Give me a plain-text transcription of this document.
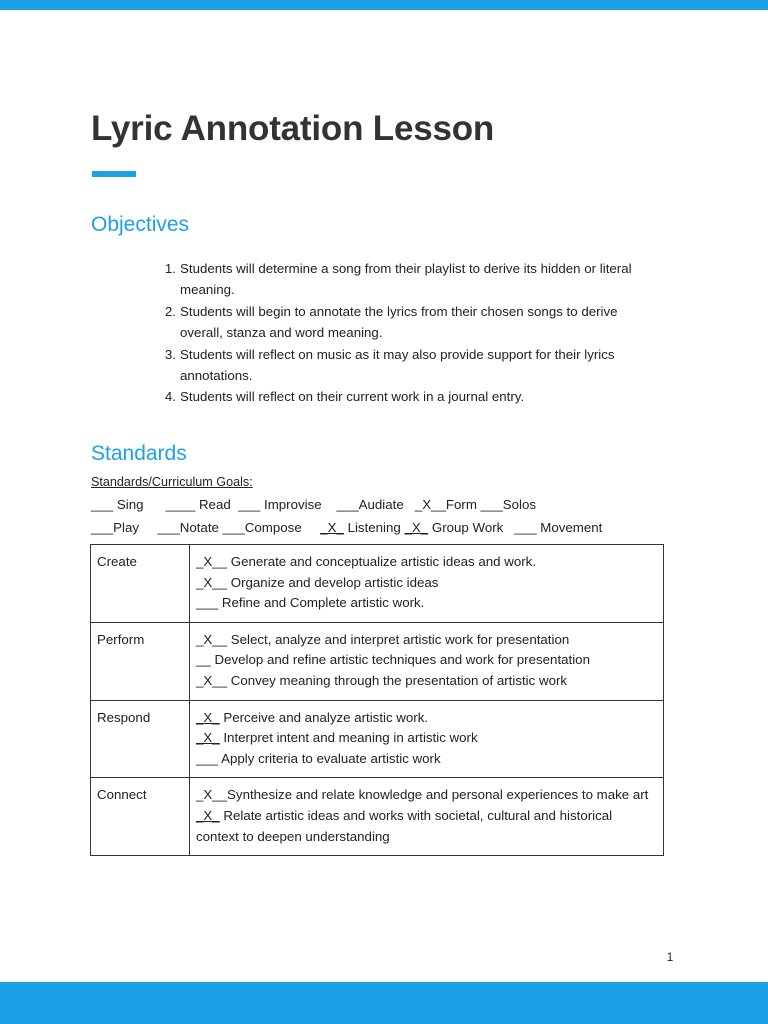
Lyric Annotation Lesson
Objectives
1. Students will determine a song from their playlist to derive its hidden or literal meaning.
2. Students will begin to annotate the lyrics from their chosen songs to derive overall, stanza and word meaning.
3. Students will reflect on music as it may also provide support for their lyrics annotations.
4. Students will reflect on their current work in a journal entry.
Standards
Standards/Curriculum Goals:
___ Sing ____ Read ___ Improvise ___Audiate _X__Form ___Solos
___Play ___Notate ___Compose _X_ Listening _X_ Group Work ___ Movement
Create	_X__ Generate and conceptualize artistic ideas and work.
_X__ Organize and develop artistic ideas
___ Refine and Complete artistic work.

Perform	_X__ Select, analyze and interpret artistic work for presentation
__ Develop and refine artistic techniques and work for presentation
_X__ Convey meaning through the presentation of artistic work

Respond	_X_ Perceive and analyze artistic work.
_X_ Interpret intent and meaning in artistic work
___ Apply criteria to evaluate artistic work

Connect	_X__Synthesize and relate knowledge and personal experiences to make art
_X_ Relate artistic ideas and works with societal, cultural and historical context to deepen understanding
1
